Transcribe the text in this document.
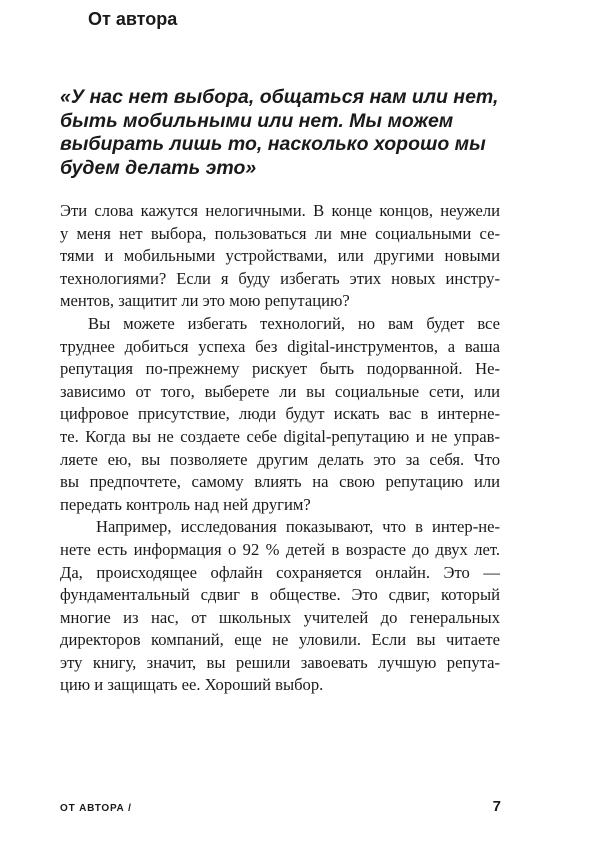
От автора
«У нас нет выбора, общаться нам или нет,
быть мобильными или нет. Мы можем
выбирать лишь то, насколько хорошо мы
будем делать это»
Эти слова кажутся нелогичными. В конце концов, неужели
у меня нет выбора, пользоваться ли мне социальными се-
тями и мобильными устройствами, или другими новыми
технологиями? Если я буду избегать этих новых инстру-
ментов, защитит ли это мою репутацию?
Вы можете избегать технологий, но вам будет все
труднее добиться успеха без digital-инструментов, а ваша
репутация по-прежнему рискует быть подорванной. Не-
зависимо от того, выберете ли вы социальные сети, или
цифровое присутствие, люди будут искать вас в интерне-
те. Когда вы не создаете себе digital-репутацию и не управ-
ляете ею, вы позволяете другим делать это за себя. Что
вы предпочтете, самому влиять на свою репутацию или
передать контроль над ней другим?
Например, исследования показывают, что в интер-не-
нете есть информация о 92 % детей в возрасте до двух лет.
Да, происходящее офлайн сохраняется онлайн. Это —
фундаментальный сдвиг в обществе. Это сдвиг, который
многие из нас, от школьных учителей до генеральных
директоров компаний, еще не уловили. Если вы читаете
эту книгу, значит, вы решили завоевать лучшую репута-
цию и защищать ее. Хороший выбор.
ОТ АВТОРА /	7
